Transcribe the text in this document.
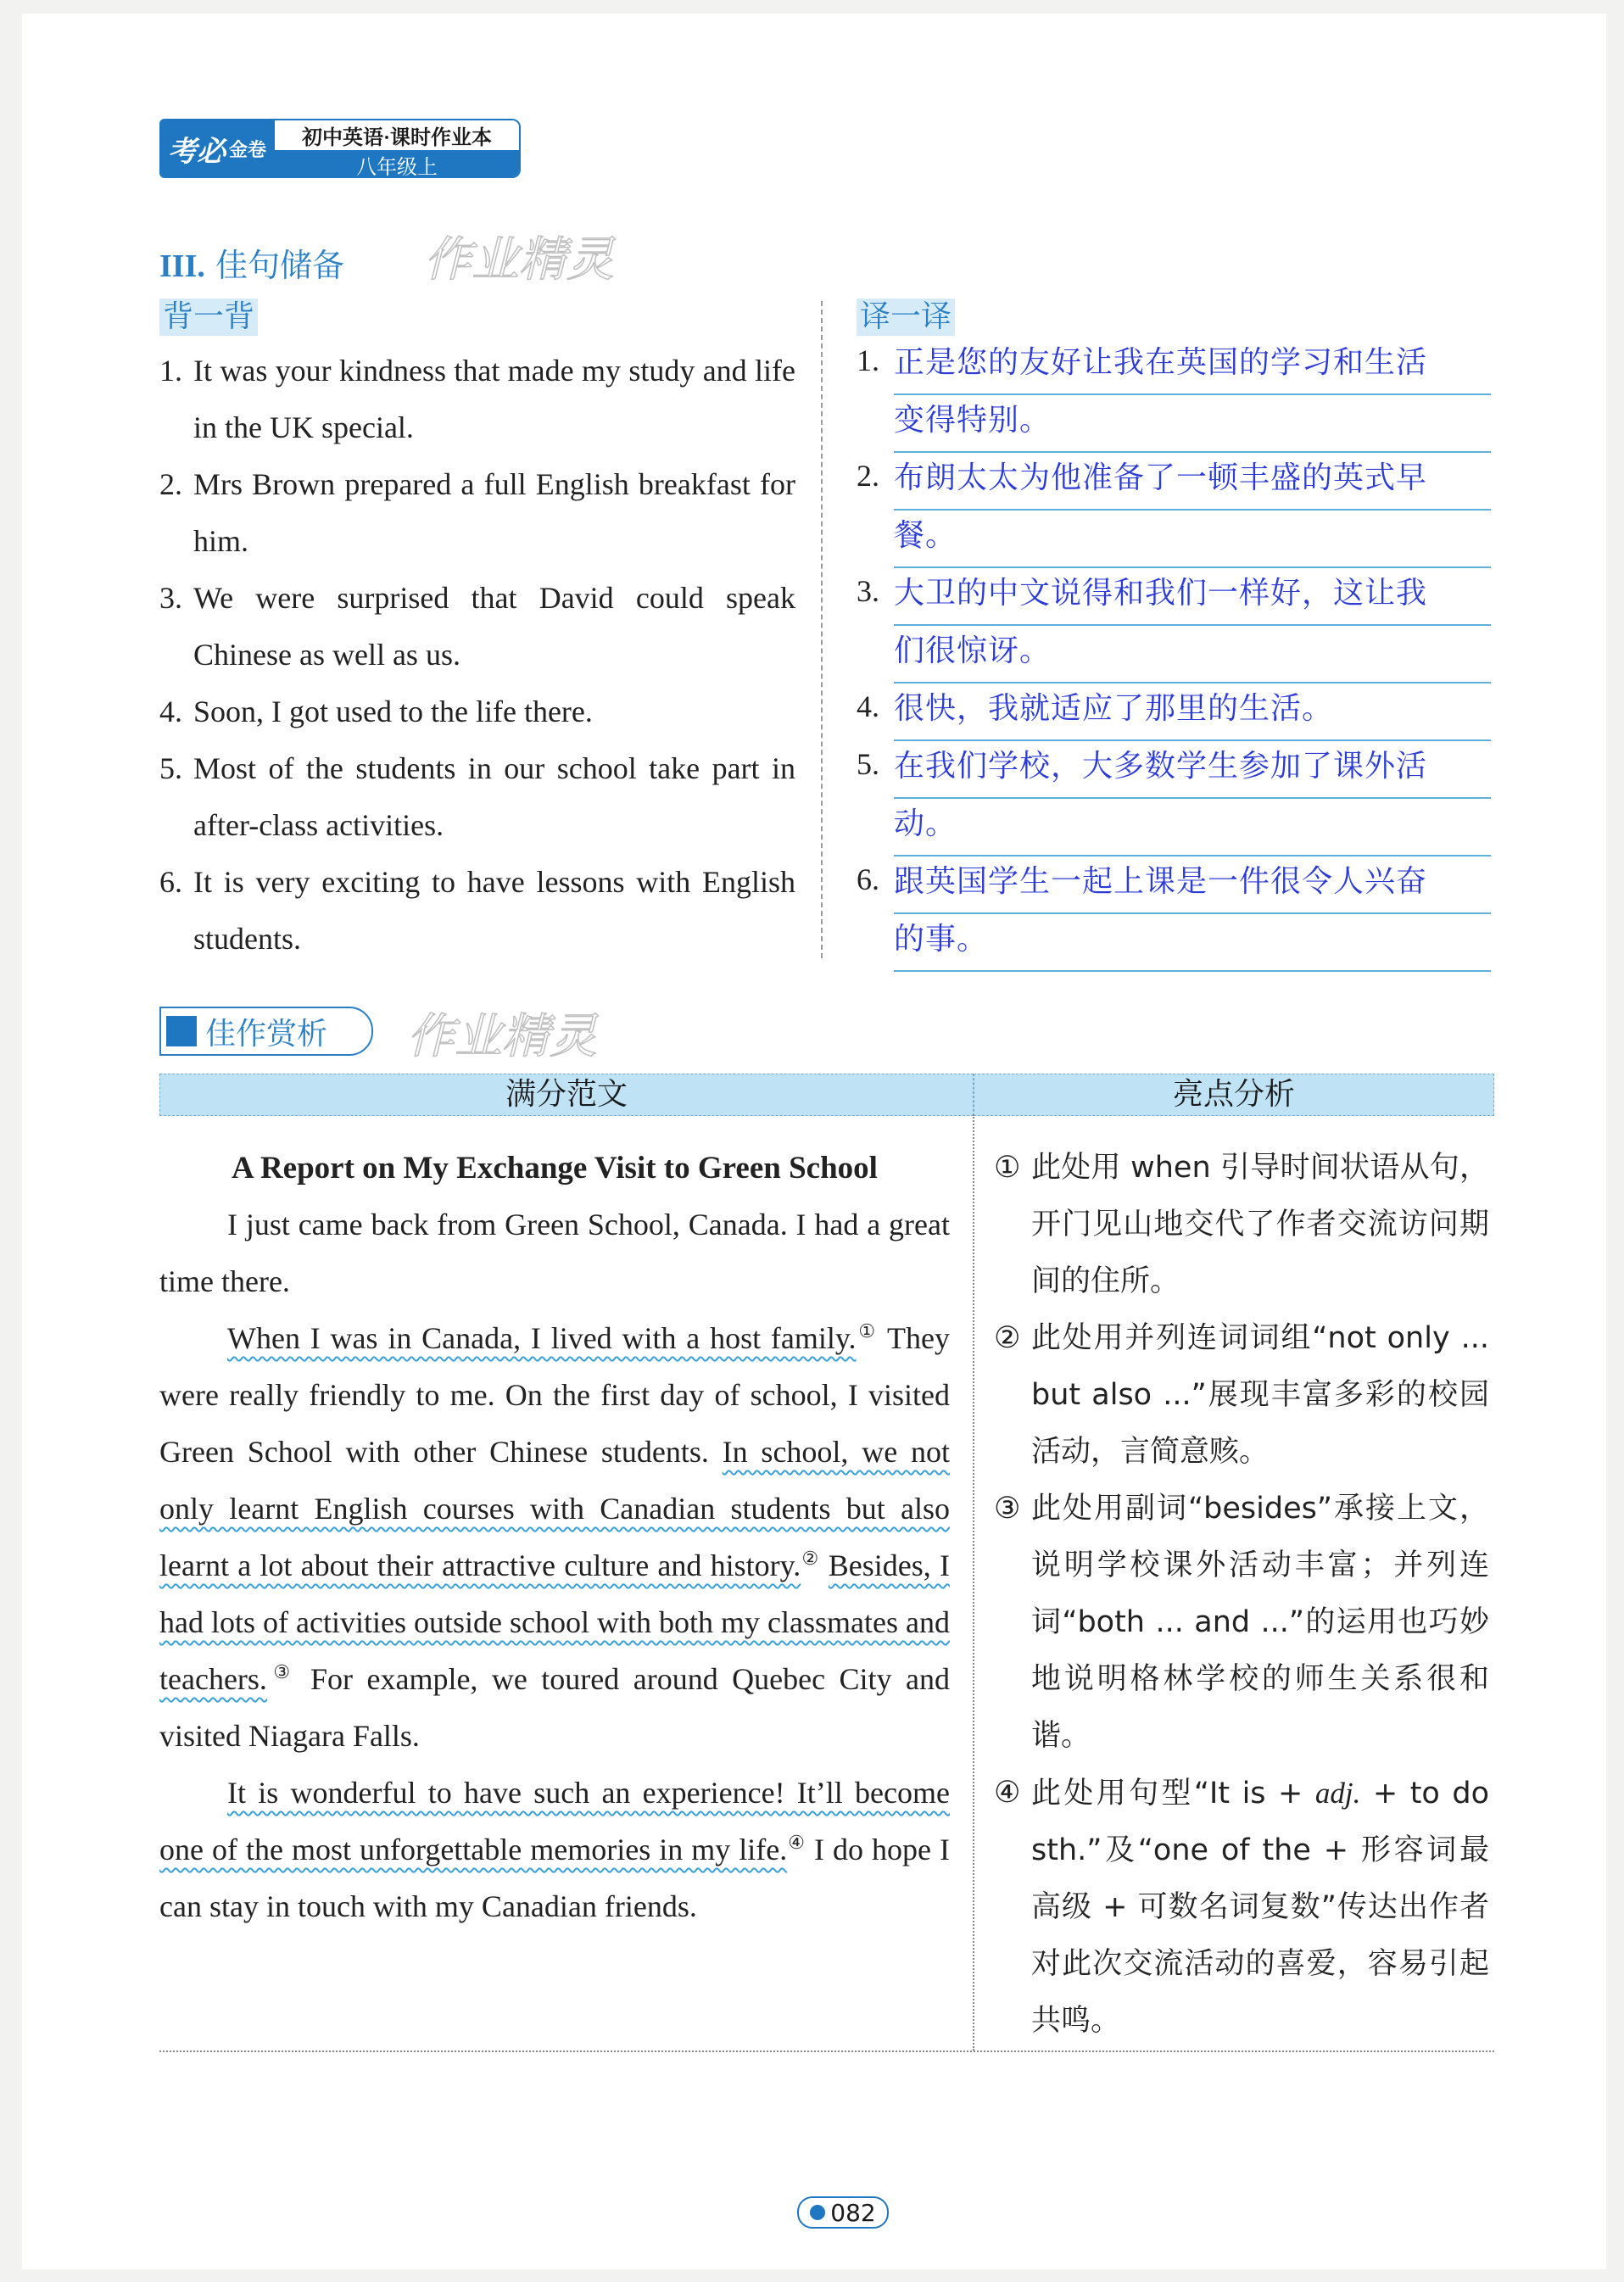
考必 金卷
初中英语·课时作业本
八年级上
III. 佳句储备 作业精灵
背一背	译一译
1. It was your kindness that made my study and life in the UK special.
2. Mrs Brown prepared a full English breakfast for him.
3. We were surprised that David could speak Chinese as well as us.
4. Soon, I got used to the life there.
5. Most of the students in our school take part in after-class activities.
6. It is very exciting to have lessons with English students.
1. 正是您的友好让我在英国的学习和生活
变得特别。
2. 布朗太太为他准备了一顿丰盛的英式早
餐。
3. 大卫的中文说得和我们一样好，这让我
们很惊讶。
4. 很快，我就适应了那里的生活。
5. 在我们学校，大多数学生参加了课外活
动。
6. 跟英国学生一起上课是一件很令人兴奋
的事。
佳作赏析 作业精灵
满分范文	亮点分析
A Report on My Exchange Visit to Green School

I just came back from Green School, Canada. I had a great time there.

When I was in Canada, I lived with a host family.① They were really friendly to me. On the first day of school, I visited Green School with other Chinese students. In school, we not only learnt English courses with Canadian students but also learnt a lot about their attractive culture and history.② Besides, I had lots of activities outside school with both my classmates and teachers.③ For example, we toured around Quebec City and visited Niagara Falls.

It is wonderful to have such an experience! It’ll become one of the most unforgettable memories in my life.④ I do hope I can stay in touch with my Canadian friends.

① 此处用 when 引导时间状语从句，开门见山地交代了作者交流访问期间的住所。
② 此处用并列连词词组“not only ... but also ...”展现丰富多彩的校园活动，言简意赅。
③ 此处用副词“besides”承接上文，说明学校课外活动丰富；并列连词“both ... and ...”的运用也巧妙地说明格林学校的师生关系很和谐。
④ 此处用句型“It is + adj. + to do sth.”及“one of the + 形容词最高级 + 可数名词复数”传达出作者对此次交流活动的喜爱，容易引起共鸣。
082
